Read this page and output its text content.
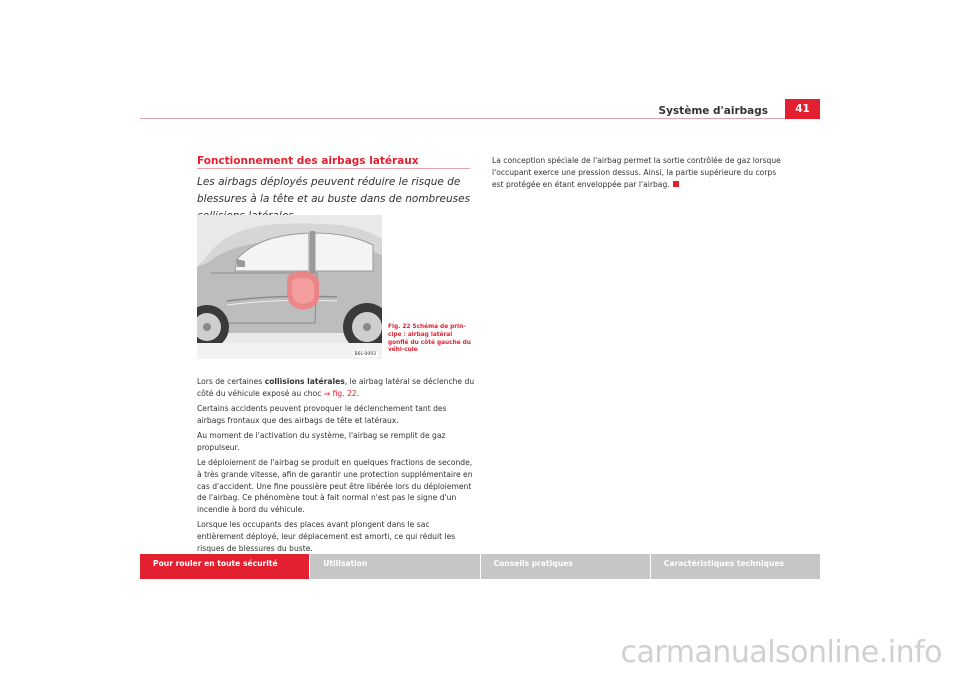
Système d'airbags	41
Fonctionnement des airbags latéraux
Les airbags déployés peuvent réduire le risque de blessures à la tête et au buste dans de nombreuses
B6L-0093
Fig. 22 Schéma de prin-cipe : airbag latéral gonflé du côté gauche du véhi-cule

Lors de certaines collisions latérales, le airbag latéral se déclenche du côté du véhicule exposé au choc ⇒ fig. 22.

Certains accidents peuvent provoquer le déclenchement tant des airbags frontaux que des airbags de tête et latéraux.

Au moment de l'activation du système, l'airbag se remplit de gaz propulseur.

Le déploiement de l'airbag se produit en quelques fractions de seconde, à très grande vitesse, afin de garantir une protection supplémentaire en cas d'accident. Une fine poussière peut être libérée lors du déploiement de l'airbag. Ce phénomène tout à fait normal n'est pas le signe d'un incendie à bord du véhicule.

Lorsque les occupants des places avant plongent dans le sac entièrement déployé, leur déplacement est amorti, ce qui réduit les risques de blessures du buste.

La conception spéciale de l'airbag permet la sortie contrôlée de gaz lorsque l'occupant exerce une pression dessus. Ainsi, la partie supérieure du corps est protégée en étant enveloppée par l'airbag.
Pour rouler en toute sécurité	Utilisation	Conseils pratiques	Caractéristiques techniques
carmanualsonline.info
